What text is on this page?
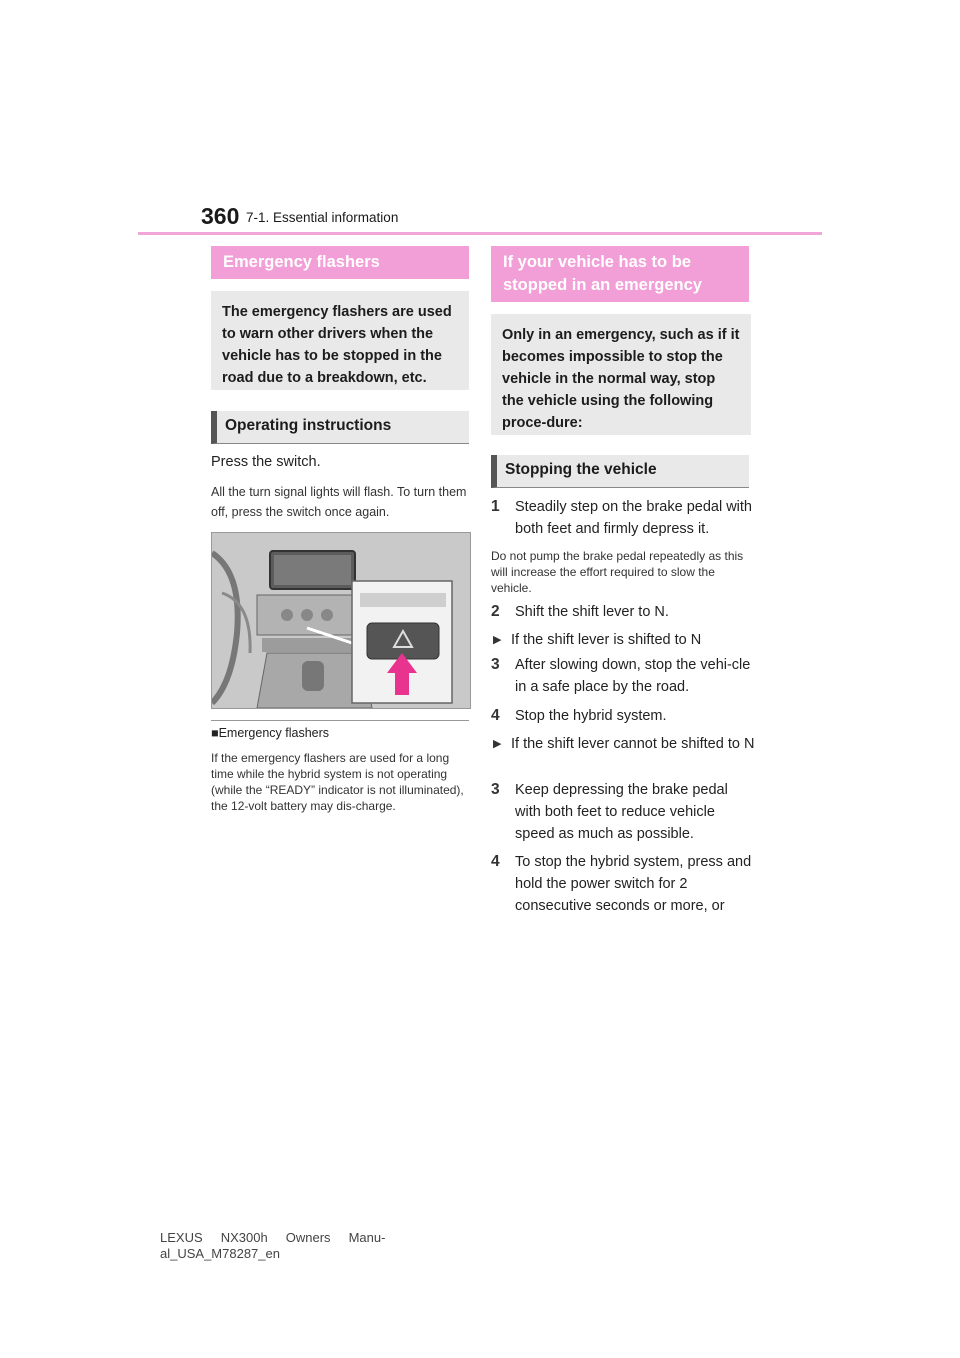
360 7-1. Essential information
Emergency flashers
The emergency flashers are used to warn other drivers when the vehicle has to be stopped in the road due to a breakdown, etc.
Operating instructions
Press the switch.
All the turn signal lights will flash. To turn them off, press the switch once again.
■Emergency flashers
If the emergency flashers are used for a long time while the hybrid system is not operating (while the “READY” indicator is not illuminated), the 12-volt battery may dis-charge.
If your vehicle has to be stopped in an emergency
Only in an emergency, such as if it becomes impossible to stop the vehicle in the normal way, stop the vehicle using the following proce-dure:
Stopping the vehicle
1 Steadily step on the brake pedal with both feet and firmly depress it.
Do not pump the brake pedal repeatedly as this will increase the effort required to slow the vehicle.
2 Shift the shift lever to N.
▶ If the shift lever is shifted to N
3 After slowing down, stop the vehi-cle in a safe place by the road.
4 Stop the hybrid system.
▶ If the shift lever cannot be shifted to N
3 Keep depressing the brake pedal with both feet to reduce vehicle speed as much as possible.
4 To stop the hybrid system, press and hold the power switch for 2 consecutive seconds or more, or
LEXUS     NX300h     Owners     Manu-
al_USA_M78287_en
